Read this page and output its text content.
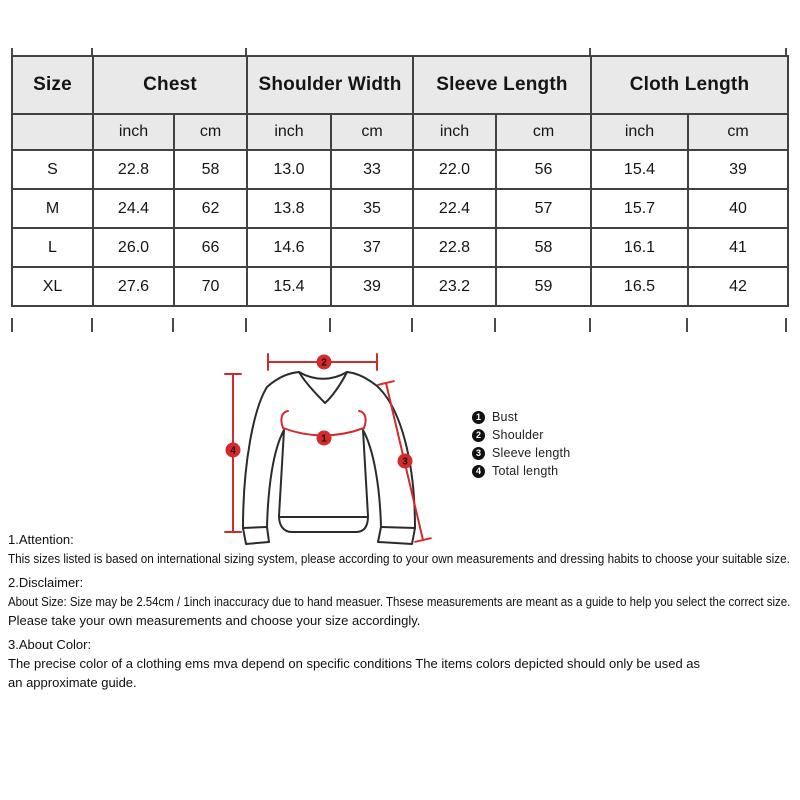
Size	Chest		Shoulder Width		Sleeve Length		Cloth Length	
	inch	cm	inch	cm	inch	cm	inch	cm
S	22.8	58	13.0	33	22.0	56	15.4	39
M	24.4	62	13.8	35	22.4	57	15.7	40
L	26.0	66	14.6	37	22.8	58	16.1	41
XL	27.6	70	15.4	39	23.2	59	16.5	42
2
4
1
3
1 Bust
2 Shoulder
3 Sleeve length
4 Total length
1.Attention:
This sizes listed is based on international sizing system, please according to your own measurements and dressing habits to choose your suitable size.
2.Disclaimer:
About Size: Size may be 2.54cm / 1inch inaccuracy due to hand measuer. Thsese measurements are meant as a guide to help you select the correct size. Please take your own measurements and choose your size accordingly.
3.About Color:
The precise color of a clothing ems mva depend on specific conditions The items colors depicted should only be used as an approximate guide.
